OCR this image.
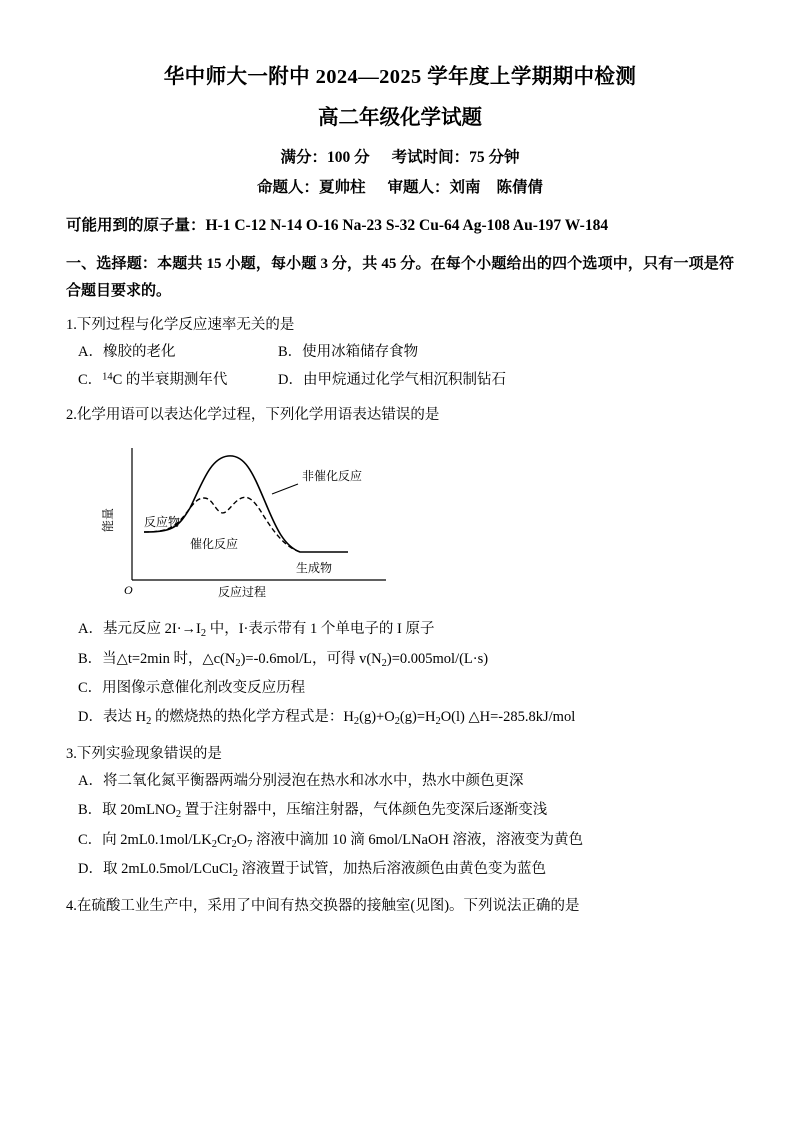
华中师大一附中 2024—2025 学年度上学期期中检测
高二年级化学试题
满分：100 分 考试时间：75 分钟
命题人：夏帅柱 审题人：刘南 陈倩倩
可能用到的原子量：H-1 C-12 N-14 O-16 Na-23 S-32 Cu-64 Ag-108 Au-197 W-184
一、选择题：本题共 15 小题，每小题 3 分，共 45 分。在每个小题给出的四个选项中，只有一项是符合题目要求的。
1.下列过程与化学反应速率无关的是
A．橡胶的老化	B．使用冰箱储存食物
C．$^{14}$C 的半衰期测年代	D．由甲烷通过化学气相沉积制钻石
2.化学用语可以表达化学过程，下列化学用语表达错误的是
能量
O	反应过程
反应物
非催化反应
催化反应
生成物
A．基元反应 $2I\cdot\to I_2$ 中，I·表示带有 1 个单电子的 I 原子
B．当△t=2min 时，$\triangle c(N_2)=-0.6mol/L$，可得 $v(N_2)=0.005mol/(L\cdot s)$
C．用图像示意催化剂改变反应历程
D．表达 $H_2$ 的燃烧热的热化学方程式是：$H_2(g)+O_2(g)=H_2O(l)$ △H=-285.8kJ/mol
3.下列实验现象错误的是
A．将二氧化氮平衡器两端分别浸泡在热水和冰水中，热水中颜色更深
B．取 20mLNO$_2$ 置于注射器中，压缩注射器，气体颜色先变深后逐渐变浅
C．向 $2mL0.1mol/LK_2Cr_2O_7$ 溶液中滴加 10 滴 6mol/LNaOH 溶液，溶液变为黄色
D．取 2mL0.5mol/LCuCl$_2$ 溶液置于试管，加热后溶液颜色由黄色变为蓝色
4.在硫酸工业生产中，采用了中间有热交换器的接触室(见图)。下列说法正确的是
